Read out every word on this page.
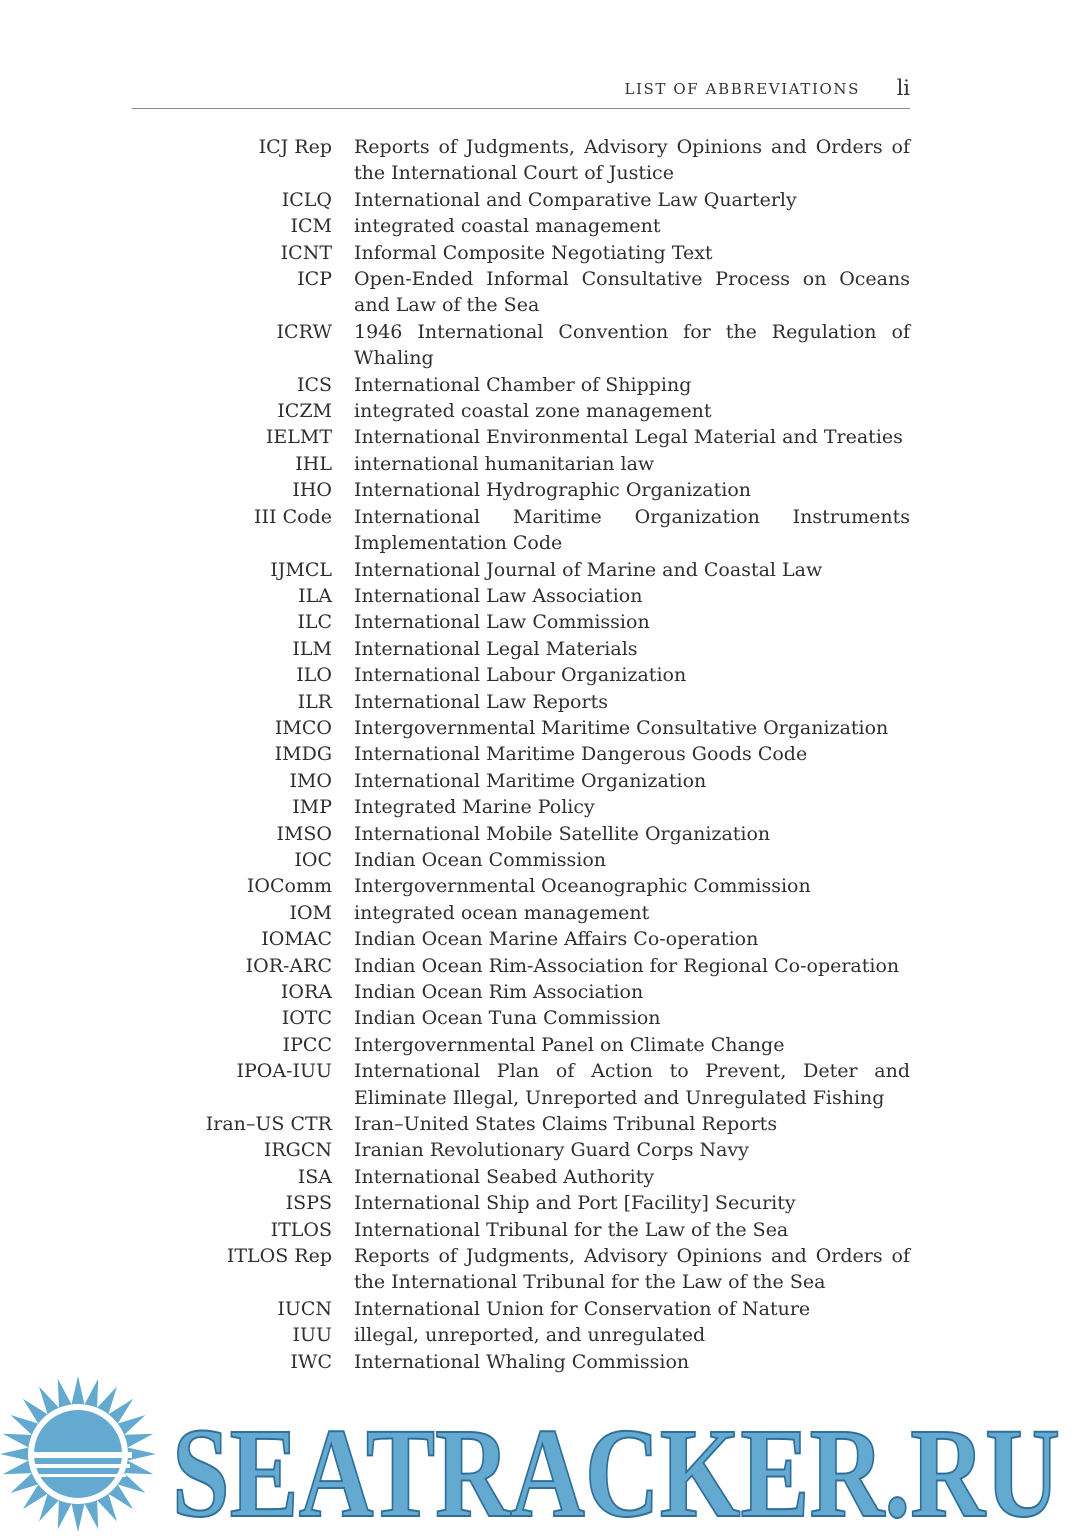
LIST OF ABBREVIATIONS li
ICJ Rep Reports of Judgments, Advisory Opinions and Orders of the International Court of Justice
ICLQ International and Comparative Law Quarterly
ICM integrated coastal management
ICNT Informal Composite Negotiating Text
ICP Open-Ended Informal Consultative Process on Oceans and Law of the Sea
ICRW 1946 International Convention for the Regulation of Whaling
ICS International Chamber of Shipping
ICZM integrated coastal zone management
IELMT International Environmental Legal Material and Treaties
IHL international humanitarian law
IHO International Hydrographic Organization
III Code International Maritime Organization Instruments Implementation Code
IJMCL International Journal of Marine and Coastal Law
ILA International Law Association
ILC International Law Commission
ILM International Legal Materials
ILO International Labour Organization
ILR International Law Reports
IMCO Intergovernmental Maritime Consultative Organization
IMDG International Maritime Dangerous Goods Code
IMO International Maritime Organization
IMP Integrated Marine Policy
IMSO International Mobile Satellite Organization
IOC Indian Ocean Commission
IOComm Intergovernmental Oceanographic Commission
IOM integrated ocean management
IOMAC Indian Ocean Marine Affairs Co-operation
IOR-ARC Indian Ocean Rim-Association for Regional Co-operation
IORA Indian Ocean Rim Association
IOTC Indian Ocean Tuna Commission
IPCC Intergovernmental Panel on Climate Change
IPOA-IUU International Plan of Action to Prevent, Deter and Eliminate Illegal, Unreported and Unregulated Fishing
Iran–US CTR Iran–United States Claims Tribunal Reports
IRGCN Iranian Revolutionary Guard Corps Navy
ISA International Seabed Authority
ISPS International Ship and Port [Facility] Security
ITLOS International Tribunal for the Law of the Sea
ITLOS Rep Reports of Judgments, Advisory Opinions and Orders of the International Tribunal for the Law of the Sea
IUCN International Union for Conservation of Nature
IUU illegal, unreported, and unregulated
IWC International Whaling Commission
SEATRACKER.RU
